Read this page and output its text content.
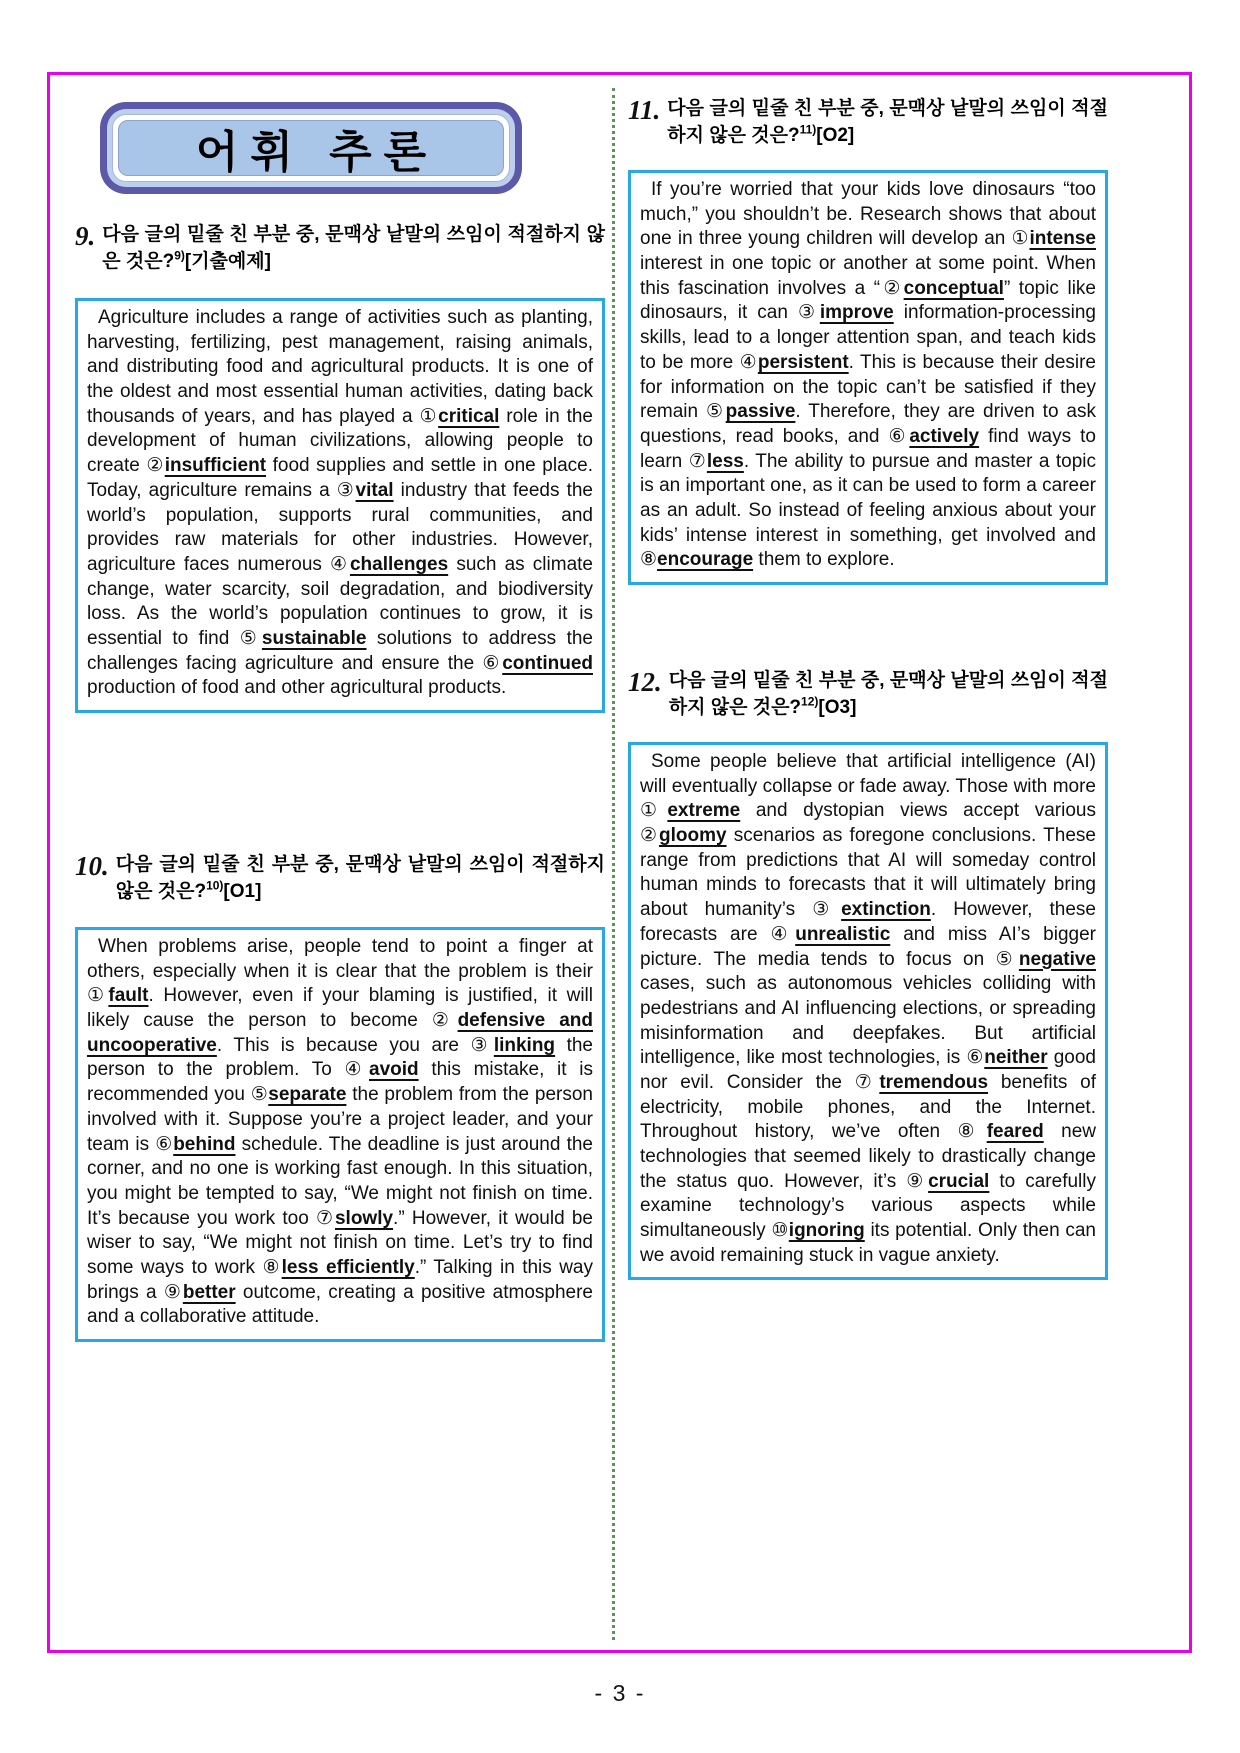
어휘 추론
9. 다음 글의 밑줄 친 부분 중, 문맥상 낱말의 쓰임이 적절하지 않은 것은?$^{9)}$[기출예제]

Agriculture includes a range of activities such as planting, harvesting, fertilizing, pest management, raising animals, and distributing food and agricultural products. It is one of the oldest and most essential human activities, dating back thousands of years, and has played a ①critical role in the development of human civilizations, allowing people to create ②insufficient food supplies and settle in one place. Today, agriculture remains a ③vital industry that feeds the world’s population, supports rural communities, and provides raw materials for other industries. However, agriculture faces numerous ④challenges such as climate change, water scarcity, soil degradation, and biodiversity loss. As the world’s population continues to grow, it is essential to find ⑤sustainable solutions to address the challenges facing agriculture and ensure the ⑥continued production of food and other agricultural products.

10. 다음 글의 밑줄 친 부분 중, 문맥상 낱말의 쓰임이 적절하지 않은 것은?$^{10)}$[O1]

When problems arise, people tend to point a finger at others, especially when it is clear that the problem is their ①fault. However, even if your blaming is justified, it will likely cause the person to become ②defensive and uncooperative. This is because you are ③linking the person to the problem. To ④avoid this mistake, it is recommended you ⑤separate the problem from the person involved with it. Suppose you’re a project leader, and your team is ⑥behind schedule. The deadline is just around the corner, and no one is working fast enough. In this situation, you might be tempted to say, “We might not finish on time. It’s because you work too ⑦slowly.” However, it would be wiser to say, “We might not finish on time. Let’s try to find some ways to work ⑧less efficiently.” Talking in this way brings a ⑨better outcome, creating a positive atmosphere and a collaborative attitude.

11. 다음 글의 밑줄 친 부분 중, 문맥상 낱말의 쓰임이 적절하지 않은 것은?$^{11)}$[O2]

If you’re worried that your kids love dinosaurs “too much,” you shouldn’t be. Research shows that about one in three young children will develop an ①intense interest in one topic or another at some point. When this fascination involves a “②conceptual” topic like dinosaurs, it can ③improve information-processing skills, lead to a longer attention span, and teach kids to be more ④persistent. This is because their desire for information on the topic can’t be satisfied if they remain ⑤passive. Therefore, they are driven to ask questions, read books, and ⑥actively find ways to learn ⑦less. The ability to pursue and master a topic is an important one, as it can be used to form a career as an adult. So instead of feeling anxious about your kids’ intense interest in something, get involved and ⑧encourage them to explore.

12. 다음 글의 밑줄 친 부분 중, 문맥상 낱말의 쓰임이 적절하지 않은 것은?$^{12)}$[O3]

Some people believe that artificial intelligence (AI) will eventually collapse or fade away. Those with more ①extreme and dystopian views accept various ②gloomy scenarios as foregone conclusions. These range from predictions that AI will someday control human minds to forecasts that it will ultimately bring about humanity’s ③extinction. However, these forecasts are ④unrealistic and miss AI’s bigger picture. The media tends to focus on ⑤negative cases, such as autonomous vehicles colliding with pedestrians and AI influencing elections, or spreading misinformation and deepfakes. But artificial intelligence, like most technologies, is ⑥neither good nor evil. Consider the ⑦tremendous benefits of electricity, mobile phones, and the Internet. Throughout history, we’ve often ⑧feared new technologies that seemed likely to drastically change the status quo. However, it’s ⑨crucial to carefully examine technology’s various aspects while simultaneously ⑩ignoring its potential. Only then can we avoid remaining stuck in vague anxiety.

- 3 -
